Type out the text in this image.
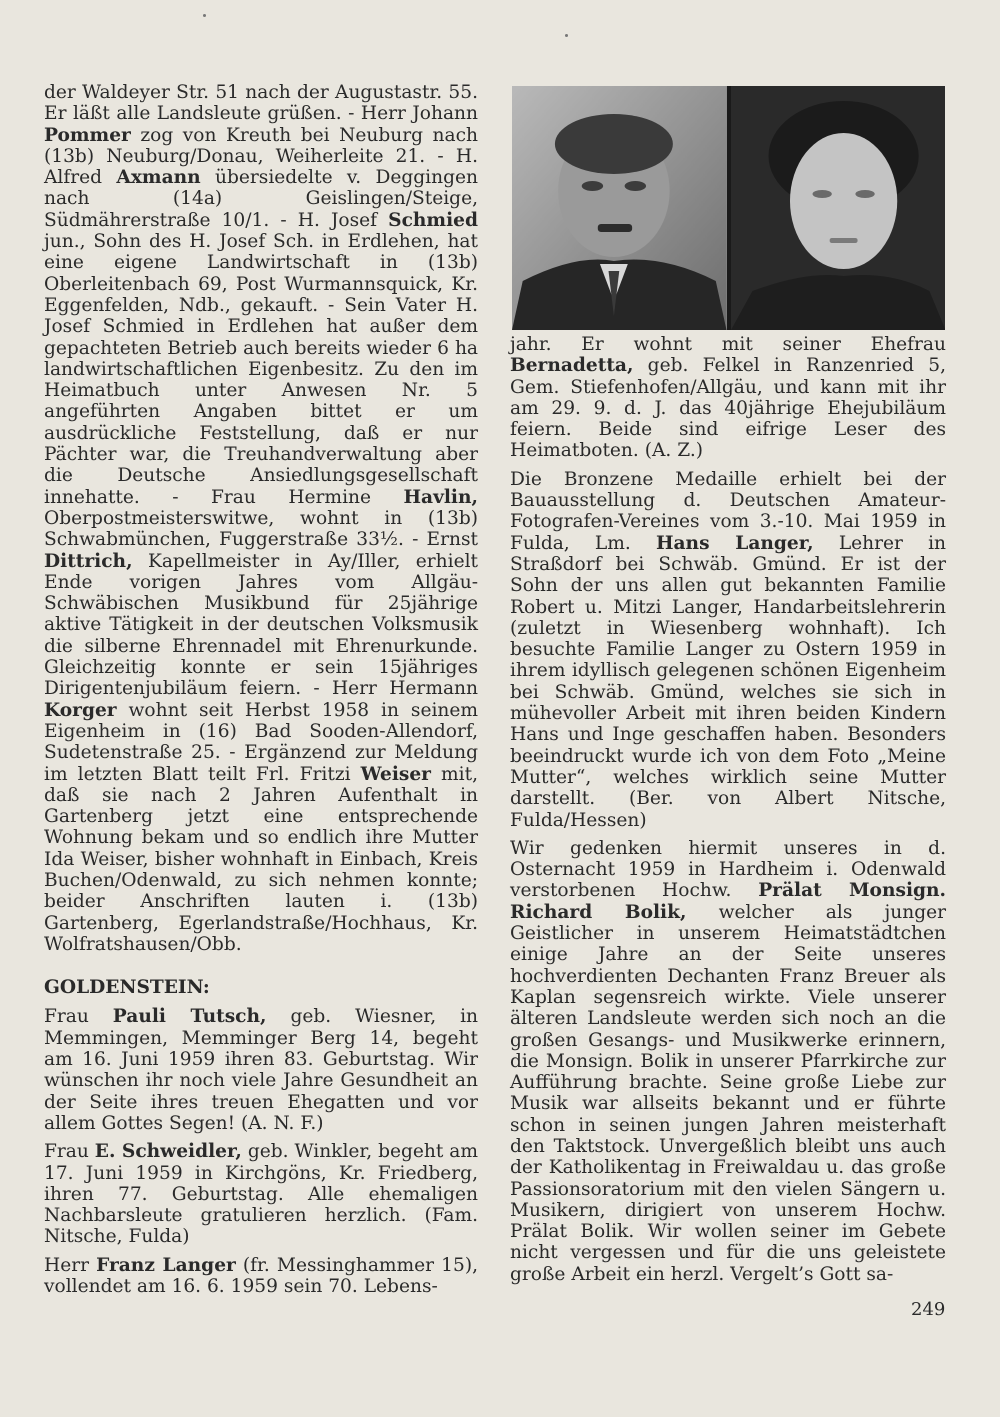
der Waldeyer Str. 51 nach der Augustastr. 55. Er läßt alle Landsleute grüßen. - Herr Johann Pommer zog von Kreuth bei Neuburg nach (13b) Neuburg/Donau, Weiherleite 21. - H. Alfred Axmann übersiedelte v. Deggingen nach (14a) Geislingen/Steige, Südmährerstraße 10/1. - H. Josef Schmied jun., Sohn des H. Josef Sch. in Erdlehen, hat eine eigene Landwirtschaft in (13b) Oberleitenbach 69, Post Wurmannsquick, Kr. Eggenfelden, Ndb., gekauft. - Sein Vater H. Josef Schmied in Erdlehen hat außer dem gepachteten Betrieb auch bereits wieder 6 ha landwirtschaftlichen Eigenbesitz. Zu den im Heimatbuch unter Anwesen Nr. 5 angeführten Angaben bittet er um ausdrückliche Feststellung, daß er nur Pächter war, die Treuhandverwaltung aber die Deutsche Ansiedlungsgesellschaft innehatte. - Frau Hermine Havlin, Oberpostmeisterswitwe, wohnt in (13b) Schwabmünchen, Fuggerstraße 33½. - Ernst Dittrich, Kapellmeister in Ay/Iller, erhielt Ende vorigen Jahres vom Allgäu-Schwäbischen Musikbund für 25jährige aktive Tätigkeit in der deutschen Volksmusik die silberne Ehrennadel mit Ehrenurkunde. Gleichzeitig konnte er sein 15jähriges Dirigentenjubiläum feiern. - Herr Hermann Korger wohnt seit Herbst 1958 in seinem Eigenheim in (16) Bad Sooden-Allendorf, Sudetenstraße 25. - Ergänzend zur Meldung im letzten Blatt teilt Frl. Fritzi Weiser mit, daß sie nach 2 Jahren Aufenthalt in Gartenberg jetzt eine entsprechende Wohnung bekam und so endlich ihre Mutter Ida Weiser, bisher wohnhaft in Einbach, Kreis Buchen/Odenwald, zu sich nehmen konnte; beider Anschriften lauten i. (13b) Gartenberg, Egerlandstraße/Hochhaus, Kr. Wolfratshausen/Obb.

GOLDENSTEIN:

Frau Pauli Tutsch, geb. Wiesner, in Memmingen, Memminger Berg 14, begeht am 16. Juni 1959 ihren 83. Geburtstag. Wir wünschen ihr noch viele Jahre Gesundheit an der Seite ihres treuen Ehegatten und vor allem Gottes Segen! (A. N. F.)

Frau E. Schweidler, geb. Winkler, begeht am 17. Juni 1959 in Kirchgöns, Kr. Friedberg, ihren 77. Geburtstag. Alle ehemaligen Nachbarsleute gratulieren herzlich. (Fam. Nitsche, Fulda)

Herr Franz Langer (fr. Messinghammer 15), vollendet am 16. 6. 1959 sein 70. Lebens-

jahr. Er wohnt mit seiner Ehefrau Bernadetta, geb. Felkel in Ranzenried 5, Gem. Stiefenhofen/Allgäu, und kann mit ihr am 29. 9. d. J. das 40jährige Ehejubiläum feiern. Beide sind eifrige Leser des Heimatboten. (A. Z.)

Die Bronzene Medaille erhielt bei der Bauausstellung d. Deutschen Amateur-Fotografen-Vereines vom 3.-10. Mai 1959 in Fulda, Lm. Hans Langer, Lehrer in Straßdorf bei Schwäb. Gmünd. Er ist der Sohn der uns allen gut bekannten Familie Robert u. Mitzi Langer, Handarbeitslehrerin (zuletzt in Wiesenberg wohnhaft). Ich besuchte Familie Langer zu Ostern 1959 in ihrem idyllisch gelegenen schönen Eigenheim bei Schwäb. Gmünd, welches sie sich in mühevoller Arbeit mit ihren beiden Kindern Hans und Inge geschaffen haben. Besonders beeindruckt wurde ich von dem Foto „Meine Mutter“, welches wirklich seine Mutter darstellt. (Ber. von Albert Nitsche, Fulda/Hessen)

Wir gedenken hiermit unseres in d. Osternacht 1959 in Hardheim i. Odenwald verstorbenen Hochw. Prälat Monsign. Richard Bolik, welcher als junger Geistlicher in unserem Heimatstädtchen einige Jahre an der Seite unseres hochverdienten Dechanten Franz Breuer als Kaplan segensreich wirkte. Viele unserer älteren Landsleute werden sich noch an die großen Gesangs- und Musikwerke erinnern, die Monsign. Bolik in unserer Pfarrkirche zur Aufführung brachte. Seine große Liebe zur Musik war allseits bekannt und er führte schon in seinen jungen Jahren meisterhaft den Taktstock. Unvergeßlich bleibt uns auch der Katholikentag in Freiwaldau u. das große Passionsoratorium mit den vielen Sängern u. Musikern, dirigiert von unserem Hochw. Prälat Bolik. Wir wollen seiner im Gebete nicht vergessen und für die uns geleistete große Arbeit ein herzl. Vergelt’s Gott sa-

249
